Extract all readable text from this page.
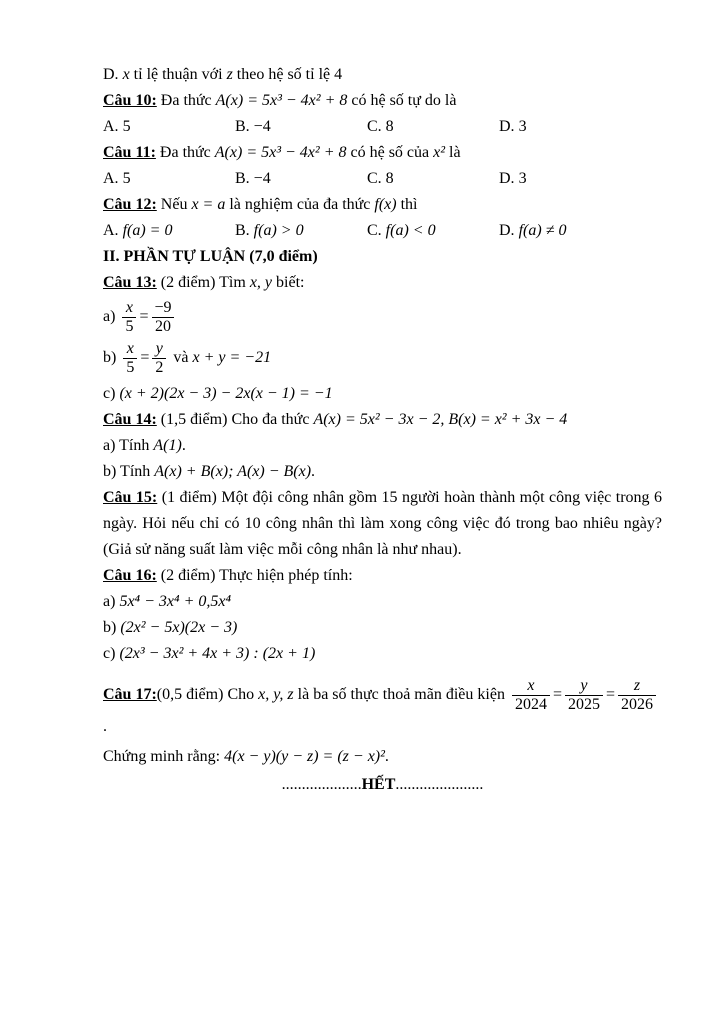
D. x tỉ lệ thuận với z theo hệ số tỉ lệ 4

Câu 10: Đa thức A(x) = 5x³ − 4x² + 8 có hệ số tự do là

A. 5	B. −4	C. 8	D. 3

Câu 11: Đa thức A(x) = 5x³ − 4x² + 8 có hệ số của x² là

A. 5	B. −4	C. 8	D. 3

Câu 12: Nếu x = a là nghiệm của đa thức f(x) thì

A. f(a) = 0	B. f(a) > 0	C. f(a) < 0	D. f(a) ≠ 0

II. PHẦN TỰ LUẬN (7,0 điểm)

Câu 13: (2 điểm) Tìm x, y biết:

$a) \frac{x}{5} = \frac{-9}{20}$

$b) \frac{x}{5} = \frac{y}{2}$ và x + y = −21

c) (x + 2)(2x − 3) − 2x(x − 1) = −1

Câu 14: (1,5 điểm) Cho đa thức A(x) = 5x² − 3x − 2, B(x) = x² + 3x − 4

a) Tính A(1).

b) Tính A(x) + B(x); A(x) − B(x).

Câu 15: (1 điểm) Một đội công nhân gồm 15 người hoàn thành một công việc trong 6 ngày. Hỏi nếu chỉ có 10 công nhân thì làm xong công việc đó trong bao nhiêu ngày? (Giả sử năng suất làm việc mỗi công nhân là như nhau).

Câu 16: (2 điểm) Thực hiện phép tính:

a) 5x⁴ − 3x⁴ + 0,5x⁴

b) (2x² − 5x)(2x − 3)

c) (2x³ − 3x² + 4x + 3) : (2x + 1)

Câu 17:(0,5 điểm) Cho x, y, z là ba số thực thoả mãn điều kiện $\frac{x}{2024} = \frac{y}{2025} = \frac{z}{2026}$
.

Chứng minh rằng: 4(x − y)(y − z) = (z − x)².

....................HẾT......................
